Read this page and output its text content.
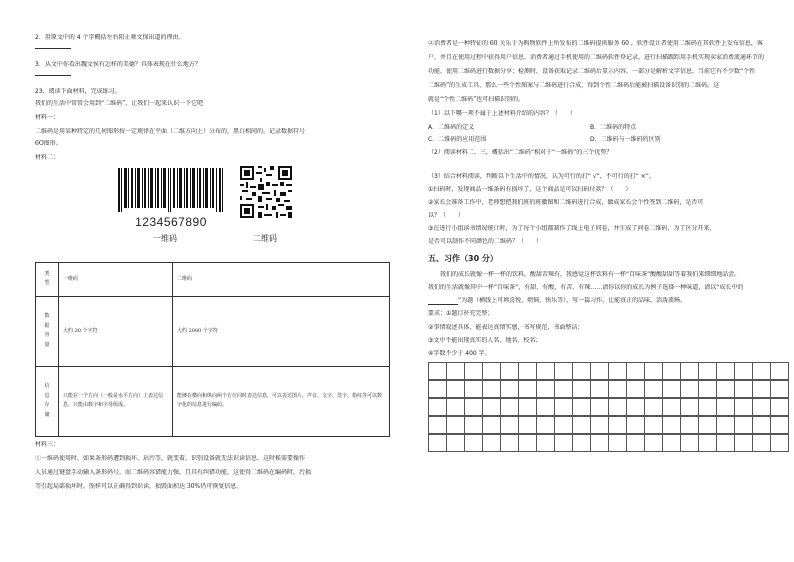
2．用原文中的 4 个字概括左右阻止舞文保出道的理由。
3．从文中你看出魏文侯有怎样的美德？具体表现在什么地方？
23、阅读下面材料，完成练习。
我们的生活中常常会用到“二维码”，让我们一起来认识一下它吧
材料一：
二维码是用某种特定的几何图形按一定规律在平面（二维方向上）分布的，黑白相间的，记录数据符号
6O图形。
材料二：
1234567890
一维码	二维码
类
型	一维码	二维码

数
据
容
量	大约 30 个字符	大约 2000 个字符

信
息
存
储	只能在一个方向（一般是水平方向）上表达信息，只能由数字和字母组成。	能够在横向和纵向两个方位同时表达信息，可以表达图片、声音、文字、签字、指纹等可以数字化的信息进行编码。
材料三：
①一维码使用时，如果条形码遭到损坏、玷污等，就变着。识别设备就无法识读信息。这时候需要操作
人员通过键盘手动输入条形码号，而二维码容错能力强，且具有纠错功能，这使得二维码在编码时，污损
等引起局部损坏时，照样可以正确得到识读，损毁面积达 30%仍可恢复信息。
②消费者是一种特征的 60 关乐于为购物软件上所发布的二维码提供服务 60 ，软件设计者使用二维码在其软件上发布信息，客
户，并且在使用过程中获得用户信息。消费者通过手机使用的二维码软件登记录，进行扫描跟踪用手机实现卖家消费流通环节的
功能，使用二维码进行数据分享；检测时，设备获取记录二维码后显示内容，一部分是解析文字信息，当前它有不少数“个性
二维码”的生成工具，那么一些个性图案与二维码进行合成，得到个性二维码后能被扫描设备识别的二维码。这
就是“个性二维码”也可扫描识别的。
（1）以下哪一项不属于上述材料介绍的内容？（　　）
A．二维码的定义	B．二维码的特点
C．二维码的应用范围	D．二维码与一维码的区别
（2）阅读材料二、三，概括出“二维码”相对于“一维码”的三个优势？
（3）结合材料阅读，判断以下生活中的情况，认为可行的打“ √”，不可行的打“ ×”。
①扫码时，发现商品一维条码有损坏了，这个商品是可以扫码付款？（　　）
②家长会准备工作中，老师想把我们班的班徽图和二维码进行合成，做成家长会个性签到二维码，是否可
以？（　　）
③在进行小组读书情况统计时，为了每个小组都制作了线上电子问卷，并生成了问卷二维码，为了区分开来，
是否可以制作不同颜色的二维码？（　　）
五、习作（30 分）
我们的成长就像一杯一杯的饮料，酸甜苦辣有，我感觉这杯饮料有一杯“百味茶”酸酸甜甜等着我们来细细地品尝。
我们的生活就像其中一杯“百味茶”，有甜、有酸、有苦、有辣……请你以你的成长为例子选择一种味道，请以“成长中的
”为题（横线上可填喜悦、烦恼、快乐等），写一篇习作，让能真正的品味，活泼流畅。
要求：①题目补充完整；
②事情叙述具体，能表达真情实感，书写规范，书面整洁；
③文中不能出现真实的人名、地名、校名；
④字数不少于 400 字。
